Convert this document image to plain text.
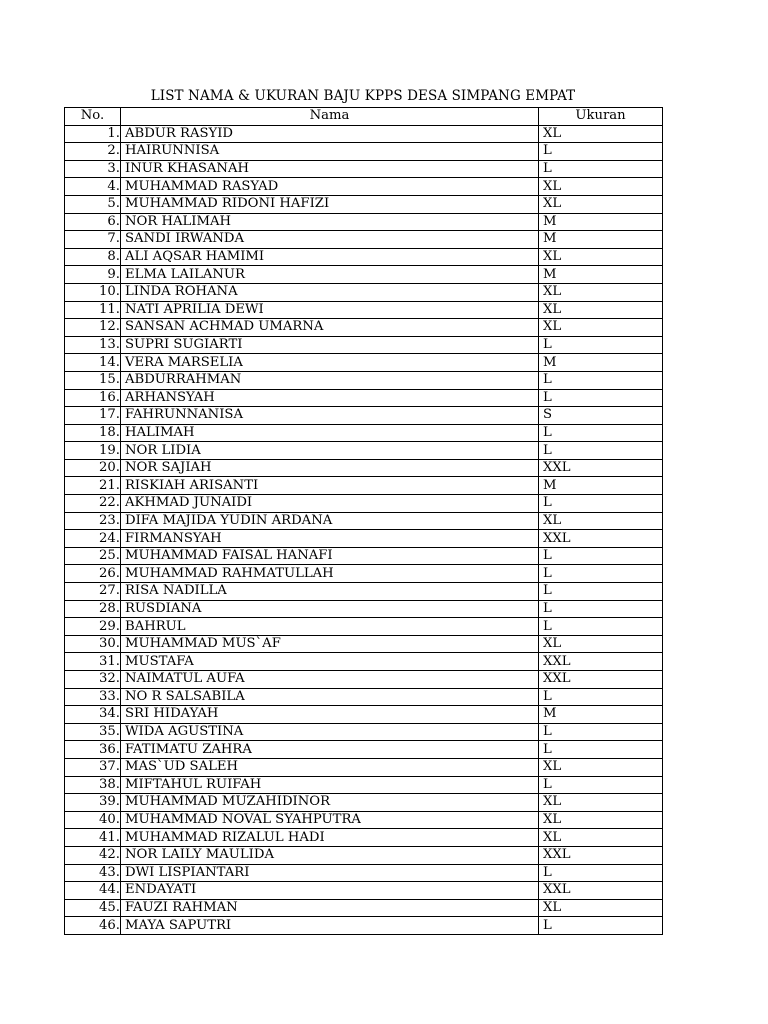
LIST NAMA & UKURAN BAJU KPPS DESA SIMPANG EMPAT
No.	Nama	Ukuran
1.	ABDUR RASYID	XL
2.	HAIRUNNISA	L
3.	INUR KHASANAH	L
4.	MUHAMMAD RASYAD	XL
5.	MUHAMMAD RIDONI HAFIZI	XL
6.	NOR HALIMAH	M
7.	SANDI IRWANDA	M
8.	ALI AQSAR HAMIMI	XL
9.	ELMA LAILANUR	M
10.	LINDA ROHANA	XL
11.	NATI APRILIA DEWI	XL
12.	SANSAN ACHMAD UMARNA	XL
13.	SUPRI SUGIARTI	L
14.	VERA MARSELIA	M
15.	ABDURRAHMAN	L
16.	ARHANSYAH	L
17.	FAHRUNNANISA	S
18.	HALIMAH	L
19.	NOR LIDIA	L
20.	NOR SAJIAH	XXL
21.	RISKIAH ARISANTI	M
22.	AKHMAD JUNAIDI	L
23.	DIFA MAJIDA YUDIN ARDANA	XL
24.	FIRMANSYAH	XXL
25.	MUHAMMAD FAISAL HANAFI	L
26.	MUHAMMAD RAHMATULLAH	L
27.	RISA NADILLA	L
28.	RUSDIANA	L
29.	BAHRUL	L
30.	MUHAMMAD MUS`AF	XL
31.	MUSTAFA	XXL
32.	NAIMATUL AUFA	XXL
33.	NO R SALSABILA	L
34.	SRI HIDAYAH	M
35.	WIDA AGUSTINA	L
36.	FATIMATU ZAHRA	L
37.	MAS`UD SALEH	XL
38.	MIFTAHUL RUIFAH	L
39.	MUHAMMAD MUZAHIDINOR	XL
40.	MUHAMMAD NOVAL SYAHPUTRA	XL
41.	MUHAMMAD RIZALUL HADI	XL
42.	NOR LAILY MAULIDA	XXL
43.	DWI LISPIANTARI	L
44.	ENDAYATI	XXL
45.	FAUZI RAHMAN	XL
46.	MAYA SAPUTRI	L
